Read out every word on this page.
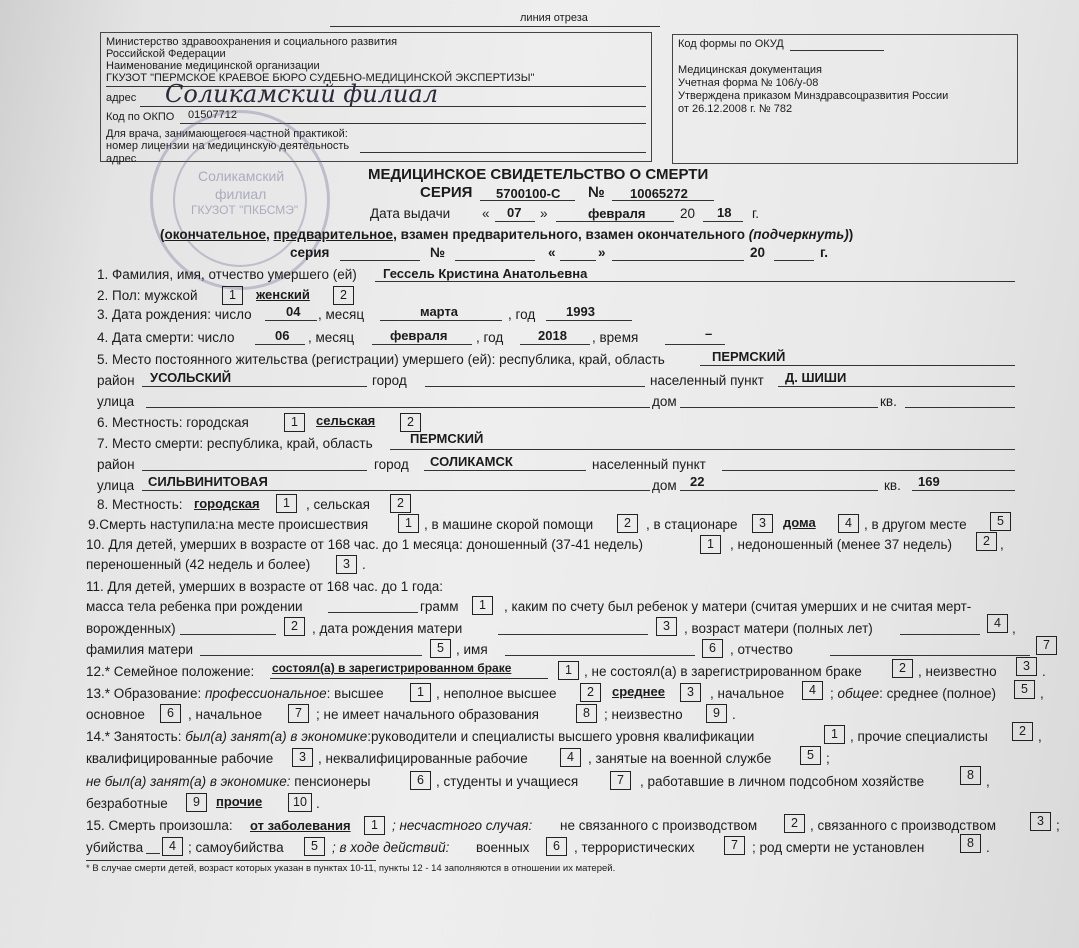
линия отреза
Министерство здравоохранения и социального развития
Российской Федерации
Наименование медицинской организации
ГКУЗОТ "ПЕРМСКОЕ КРАЕВОЕ БЮРО СУДЕБНО-МЕДИЦИНСКОЙ ЭКСПЕРТИЗЫ"
адрес Соликамский филиал
Код по ОКПО 01507712
Для врача, занимающегося частной практикой:
номер лицензии на медицинскую деятельность
адрес
Код формы по ОКУД
Медицинская документация
Учетная форма № 106/у-08
Утверждена приказом Минздравсоцразвития России
от 26.12.2008 г. № 782
Соликамский
филиал
ГКУЗОТ "ПКБСМЭ"
МЕДИЦИНСКОЕ СВИДЕТЕЛЬСТВО О СМЕРТИ
СЕРИЯ 5700100-С № 10065272
Дата выдачи « 07 »	февраля	20 18 г.
(окончательное, предварительное, взамен предварительного, взамен окончательного (подчеркнуть))
серия	№	«	»	20	г.
1. Фамилия, имя, отчество умершего (ей) Гессель Кристина Анатольевна
2. Пол: мужской	1	женский	2
3. Дата рождения: число	04 , месяц	марта	, год 1993
4. Дата смерти: число	06 , месяц	февраля , год	2018 , время	–
5. Место постоянного жительства (регистрации) умершего (ей): республика, край, область	ПЕРМСКИЙ
район УСОЛЬСКИЙ	город	населенный пункт Д. ШИШИ
улица	дом	кв.
6. Местность: городская	1	сельская	2
7. Место смерти: республика, край, область	ПЕРМСКИЙ
район	город СОЛИКАМСК	населенный пункт
улица СИЛЬВИНИТОВАЯ	дом 22	кв. 169
8. Местность: городская	1	, сельская	2
9.Смерть наступила:на месте происшествия	1 , в машине скорой помощи	2	, в стационаре	3	дома	4 , в другом месте	5
10. Для детей, умерших в возрасте от 168 час. до 1 месяца: доношенный (37-41 недель)	1	, недоношенный (менее 37 недель)	2 ,
переношенный (42 недель и более)	3 .
11. Для детей, умерших в возрасте от 168 час. до 1 года:
масса тела ребенка при рождении	грамм	1	, каким по счету был ребенок у матери (считая умерших и не считая мерт-
ворожденных)	2	, дата рождения матери	3	, возраст матери (полных лет)	4 ,
фамилия матери	5 , имя	6	, отчество	7
12.* Семейное положение: состоял(а) в зарегистрированном браке	1 , не состоял(а) в зарегистрированном браке	2 , неизвестно	3 .
13.* Образование: профессиональное: высшее	1 , неполное высшее	2	среднее	3	, начальное	4	; общее: среднее (полное)	5 ,
основное	6	, начальное	7	; не имеет начального образования	8	; неизвестно	9 .
14.* Занятость: был(а) занят(а) в экономике:руководители и специалисты высшего уровня квалификации	1 , прочие специалисты	2 ,
квалифицированные рабочие	3 , неквалифицированные рабочие	4	, занятые на военной службе	5 ;
не был(а) занят(а) в экономике: пенсионеры	6 , студенты и учащиеся	7	, работавшие в личном подсобном хозяйстве	8 ,
безработные	9	прочие	10 .
15. Смерть произошла: от заболевания	1	; несчастного случая: не связанного с производством	2 , связанного с производством	3 ;
убийства	4 ; самоубийства	5	; в ходе действий: военных	6	, террористических	7	; род смерти не установлен	8 .
* В случае смерти детей, возраст которых указан в пунктах 10-11, пункты 12 - 14 заполняются в отношении их матерей.
